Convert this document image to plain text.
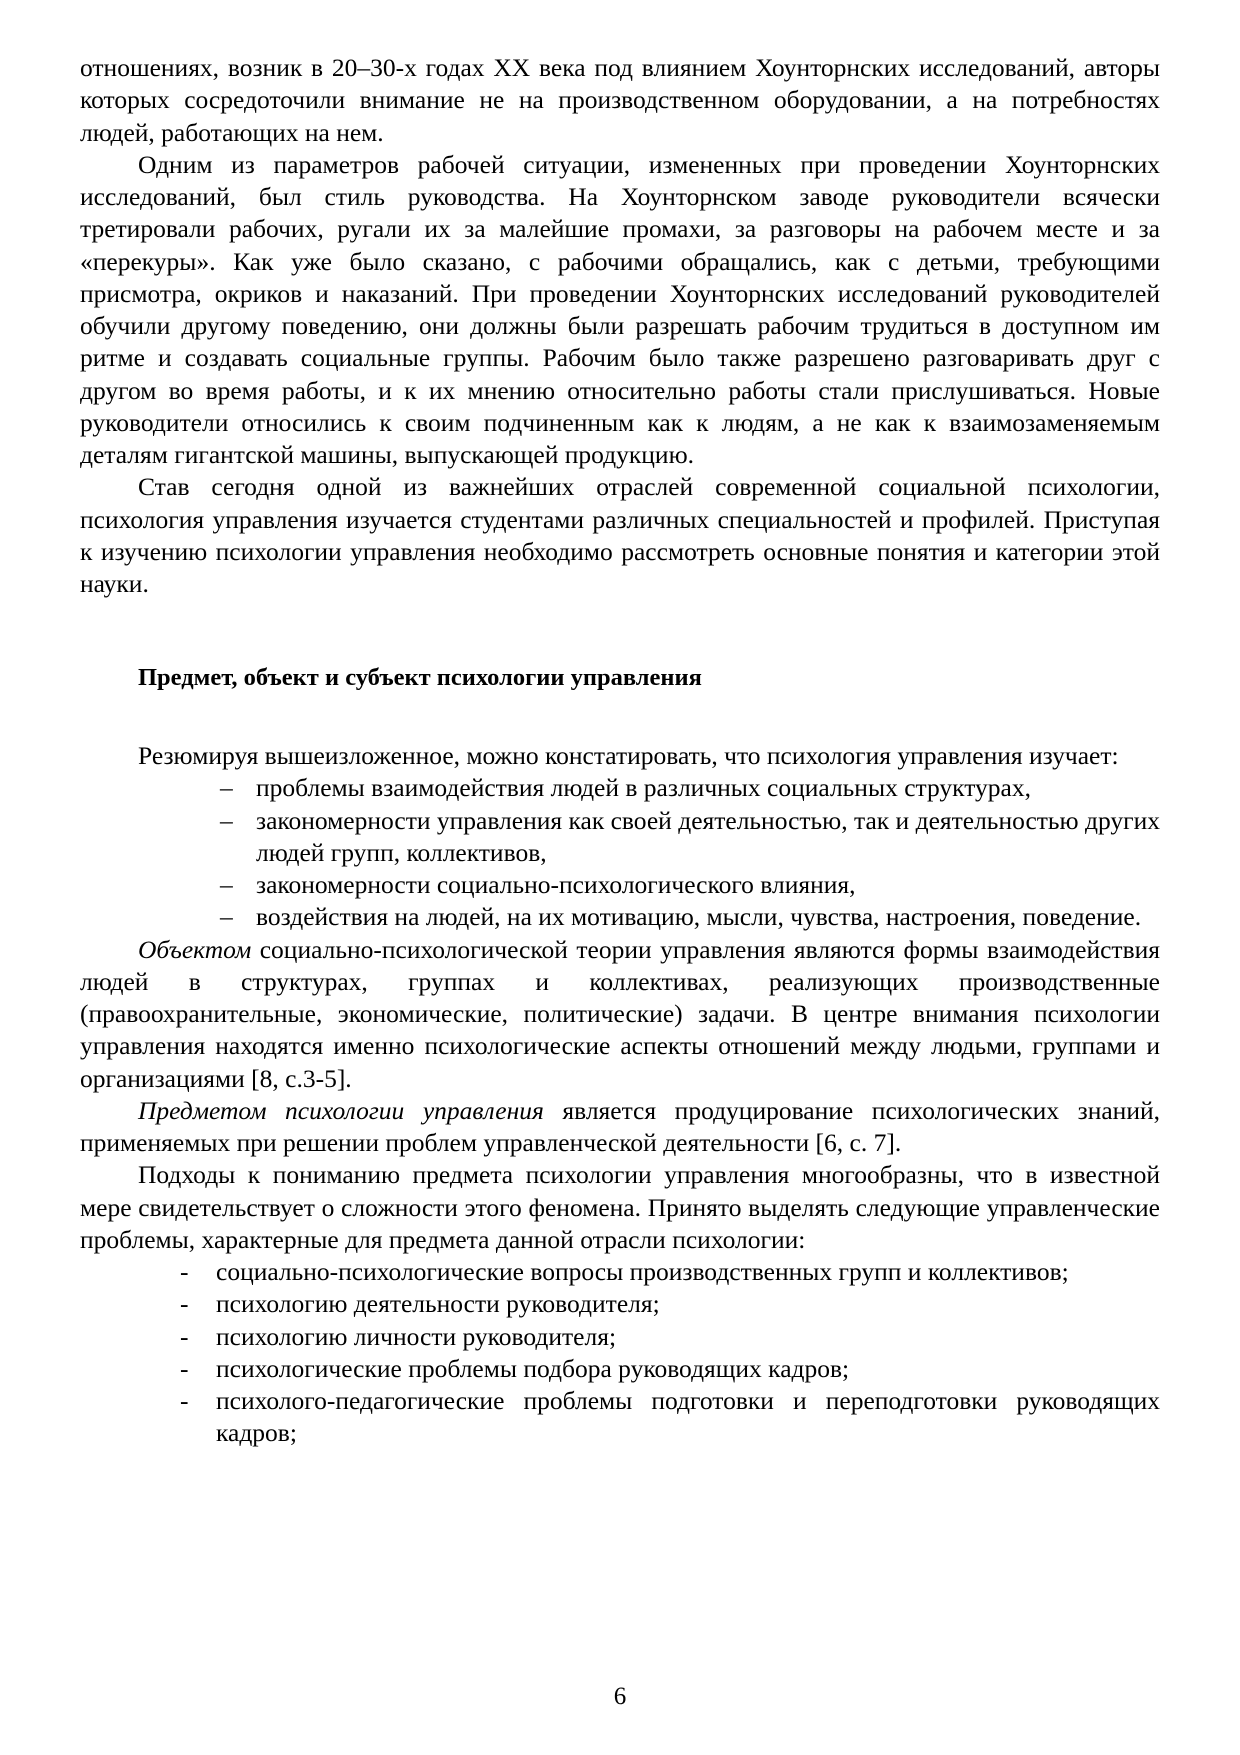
отношениях, возник в 20–30-х годах XX века под влиянием Хоунторнских исследований, авторы которых сосредоточили внимание не на производственном оборудовании, а на потребностях людей, работающих на нем.

Одним из параметров рабочей ситуации, измененных при проведении Хоунторнских исследований, был стиль руководства. На Хоунторнском заводе руководители всячески третировали рабочих, ругали их за малейшие промахи, за разговоры на рабочем месте и за «перекуры». Как уже было сказано, с рабочими обращались, как с детьми, требующими присмотра, окриков и наказаний. При проведении Хоунторнских исследований руководителей обучили другому поведению, они должны были разрешать рабочим трудиться в доступном им ритме и создавать социальные группы. Рабочим было также разрешено разговаривать друг с другом во время работы, и к их мнению относительно работы стали прислушиваться. Новые руководители относились к своим подчиненным как к людям, а не как к взаимозаменяемым деталям гигантской машины, выпускающей продукцию.

Став сегодня одной из важнейших отраслей современной социальной психологии, психология управления изучается студентами различных специальностей и профилей. Приступая к изучению психологии управления необходимо рассмотреть основные понятия и категории этой науки.

Предмет, объект и субъект психологии управления

Резюмируя вышеизложенное, можно констатировать, что психология управления изучает:

– проблемы взаимодействия людей в различных социальных структурах,
– закономерности управления как своей деятельностью, так и деятельностью других людей групп, коллективов,
– закономерности социально-психологического влияния,
– воздействия на людей, на их мотивацию, мысли, чувства, настроения, поведение.

Объектом социально-психологической теории управления являются формы взаимодействия людей в структурах, группах и коллективах, реализующих производственные (правоохранительные, экономические, политические) задачи. В центре внимания психологии управления находятся именно психологические аспекты отношений между людьми, группами и организациями [8, с.3-5].

Предметом психологии управления является продуцирование психологических знаний, применяемых при решении проблем управленческой деятельности [6, с. 7].

Подходы к пониманию предмета психологии управления многообразны, что в известной мере свидетельствует о сложности этого феномена. Принято выделять следующие управленческие проблемы, характерные для предмета данной отрасли психологии:

-	социально-психологические вопросы производственных групп и коллективов;
-	психологию деятельности руководителя;
-	психологию личности руководителя;
-	психологические проблемы подбора руководящих кадров;
-	психолого-педагогические проблемы подготовки и переподготовки руководящих кадров;
6
